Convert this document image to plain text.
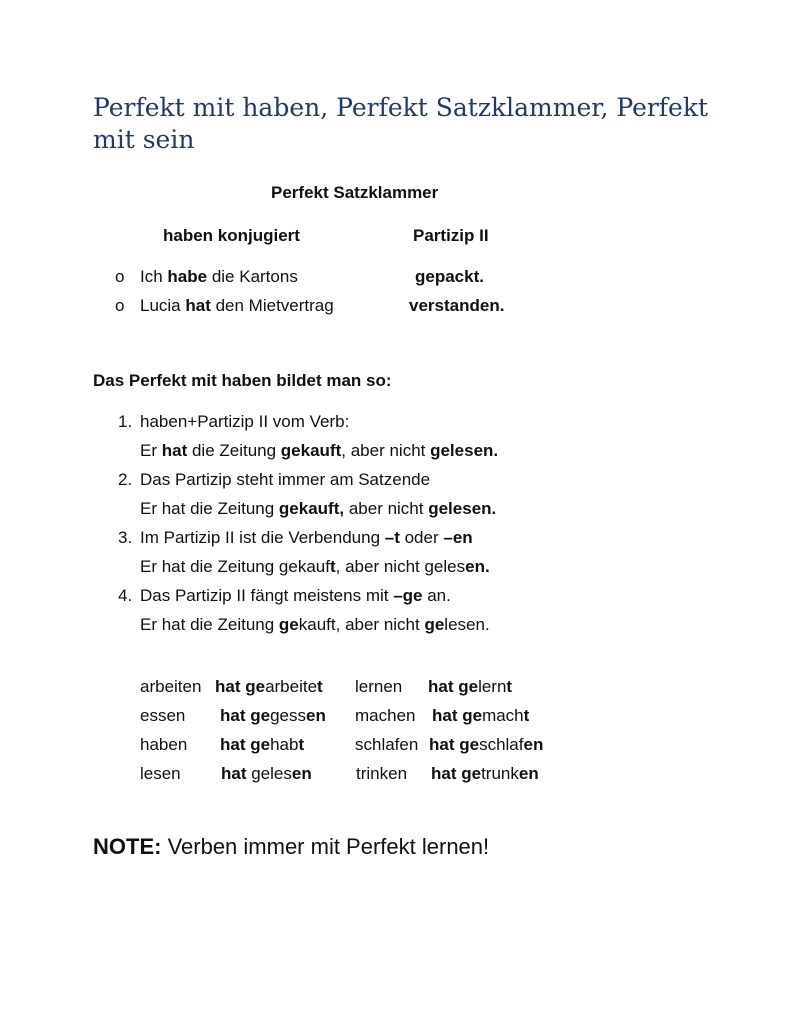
Perfekt mit haben, Perfekt Satzklammer, Perfekt mit sein
Perfekt Satzklammer
haben konjugiert	Partizip II
o Ich habe die Kartons	gepackt.
o Lucia hat den Mietvertrag	verstanden.
Das Perfekt mit haben bildet man so:
1. haben+Partizip II vom Verb:
Er hat die Zeitung gekauft, aber nicht gelesen.
2. Das Partizip steht immer am Satzende
Er hat die Zeitung gekauft, aber nicht gelesen.
3. Im Partizip II ist die Verbendung –t oder –en
Er hat die Zeitung gekauft, aber nicht gelesen.
4. Das Partizip II fängt meistens mit –ge an.
Er hat die Zeitung gekauft, aber nicht gelesen.
arbeiten hat gearbeitet lernen hat gelernt
essen hat gegessen machen hat gemacht
haben hat gehabt	schlafen hat geschlafen
lesen hat gelesen	trinken hat getrunken
NOTE: Verben immer mit Perfekt lernen!
